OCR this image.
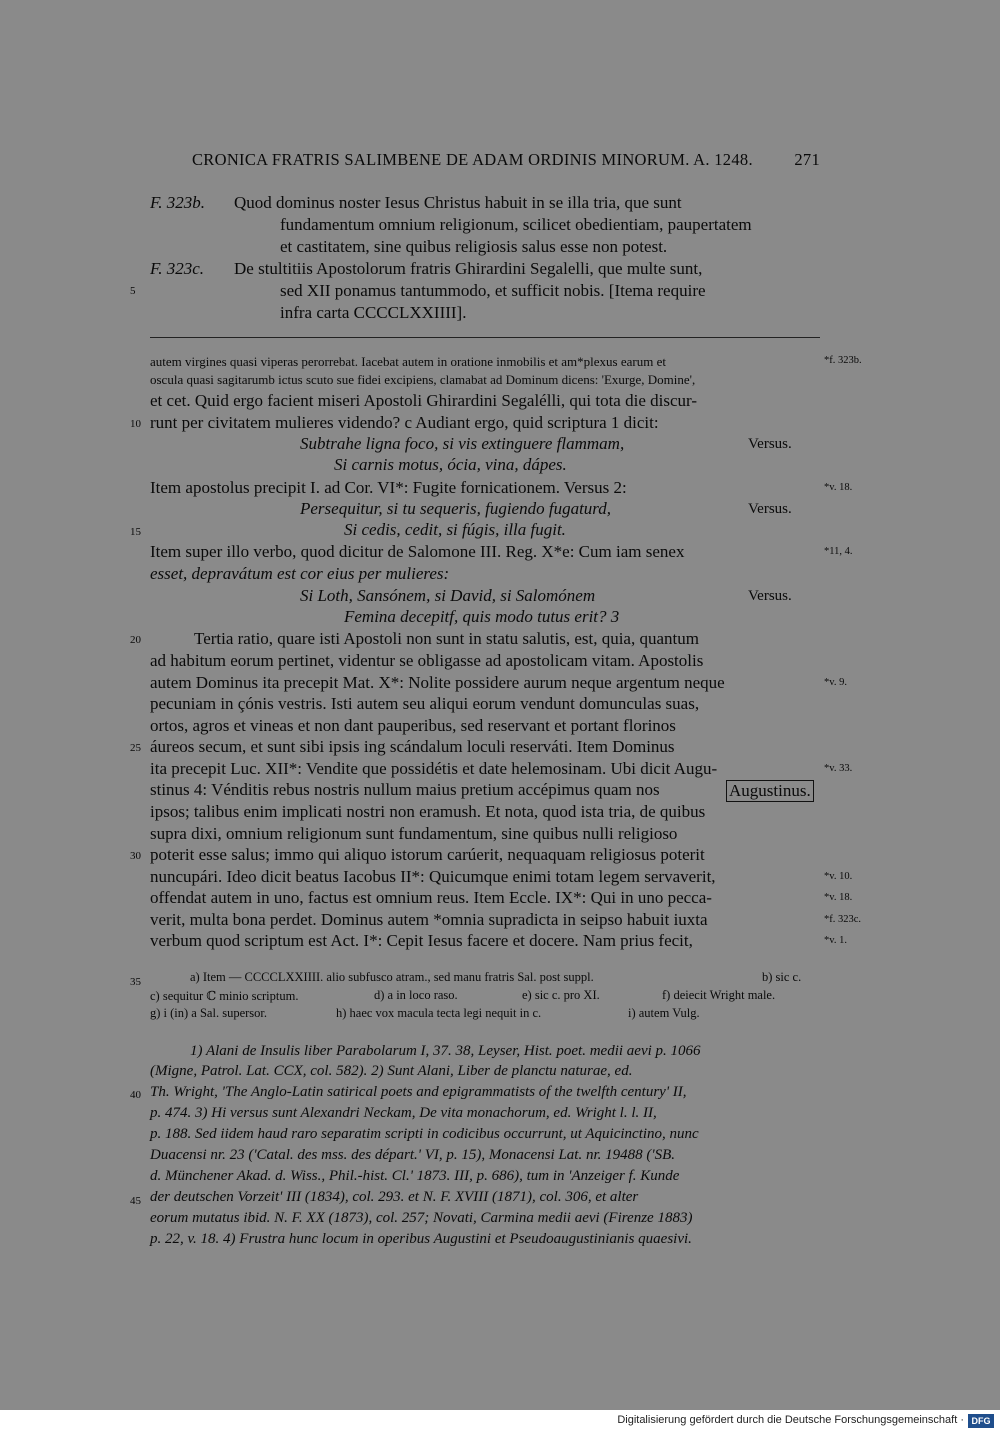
CRONICA FRATRIS SALIMBENE DE ADAM ORDINIS MINORUM. A. 1248.	271
F. 323b. Quod dominus noster Iesus Christus habuit in se illa tria, que sunt
fundamentum omnium religionum, scilicet obedientiam, paupertatem
et castitatem, sine quibus religiosis salus esse non potest.
F. 323c. De stultitiis Apostolorum fratris Ghirardini Segalelli, que multe sunt,
5	sed XII ponamus tantummodo, et sufficit nobis. [Itema require
infra carta CCCCLXXIIII].
autem virgines quasi viperas perorrebat. Iacebat autem in oratione inmobilis et am*plexus earum et	*f. 323b.
oscula quasi sagitarumb ictus scuto sue fidei excipiens, clamabat ad Dominum dicens: 'Exurge, Domine',
et cet. Quid ergo facient miseri Apostoli Ghirardini Segalélli, qui tota die discur-
10 runt per civitatem mulieres videndo? c Audiant ergo, quid scriptura 1 dicit:
Subtrahe ligna foco, si vis extinguere flammam,	Versus.
Si carnis motus, ócia, vina, dápes.
Item apostolus precipit I. ad Cor. VI*: Fugite fornicationem. Versus 2:	*v. 18.
Persequitur, si tu sequeris, fugiendo fugaturd,	Versus.
15	Si cedis, cedit, si fúgis, illa fugit.
Item super illo verbo, quod dicitur de Salomone III. Reg. X*e: Cum iam senex	*11, 4.
esset, depravátum est cor eius per mulieres:
Si Loth, Sansónem, si David, si Salomónem	Versus.
Femina decepitf, quis modo tutus erit? 3
20	Tertia ratio, quare isti Apostoli non sunt in statu salutis, est, quia, quantum
ad habitum eorum pertinet, videntur se obligasse ad apostolicam vitam. Apostolis
autem Dominus ita precepit Mat. X*: Nolite possidere aurum neque argentum neque	*v. 9.
pecuniam in çónis vestris. Isti autem seu aliqui eorum vendunt domunculas suas,
ortos, agros et vineas et non dant pauperibus, sed reservant et portant florinos
25 áureos secum, et sunt sibi ipsis ing scándalum loculi reserváti. Item Dominus
ita precepit Luc. XII*: Vendite que possidétis et date helemosinam. Ubi dicit Augu-	*v. 33.
stinus 4: Vénditis rebus nostris nullum maius pretium accépimus quam nos	Augustinus.
ipsos; talibus enim implicati nostri non eramush. Et nota, quod ista tria, de quibus
supra dixi, omnium religionum sunt fundamentum, sine quibus nulli religioso
30 poterit esse salus; immo qui aliquo istorum carúerit, nequaquam religiosus poterit
nuncupári. Ideo dicit beatus Iacobus II*: Quicumque enimi totam legem servaverit,	*v. 10.
offendat autem in uno, factus est omnium reus. Item Eccle. IX*: Qui in uno pecca-	*v. 18.
verit, multa bona perdet. Dominus autem *omnia supradicta in seipso habuit iuxta	*f. 323c.
verbum quod scriptum est Act. I*: Cepit Iesus facere et docere. Nam prius fecit,	*v. 1.
35	a) Item — CCCCLXXIIII. alio subfusco atram., sed manu fratris Sal. post suppl.	b) sic c.
c) sequitur ℂ minio scriptum.	d) a in loco raso.	e) sic c. pro XI.	f) deiecit Wright male.
g) i (in) a Sal. supersor.	h) haec vox macula tecta legi nequit in c.	i) autem Vulg.
1) Alani de Insulis liber Parabolarum I, 37. 38, Leyser, Hist. poet. medii aevi p. 1066
(Migne, Patrol. Lat. CCX, col. 582). 2) Sunt Alani, Liber de planctu naturae, ed.
40 Th. Wright, 'The Anglo-Latin satirical poets and epigrammatists of the twelfth century' II,
p. 474. 3) Hi versus sunt Alexandri Neckam, De vita monachorum, ed. Wright l. l. II,
p. 188. Sed iidem haud raro separatim scripti in codicibus occurrunt, ut Aquicinctino, nunc
Duacensi nr. 23 ('Catal. des mss. des départ.' VI, p. 15), Monacensi Lat. nr. 19488 ('SB.
d. Münchener Akad. d. Wiss., Phil.-hist. Cl.' 1873. III, p. 686), tum in 'Anzeiger f. Kunde
45 der deutschen Vorzeit' III (1834), col. 293. et N. F. XVIII (1871), col. 306, et alter
eorum mutatus ibid. N. F. XX (1873), col. 257; Novati, Carmina medii aevi (Firenze 1883)
p. 22, v. 18. 4) Frustra hunc locum in operibus Augustini et Pseudoaugustinianis quaesivi.
Digitalisierung gefördert durch die Deutsche Forschungsgemeinschaft · DFG
